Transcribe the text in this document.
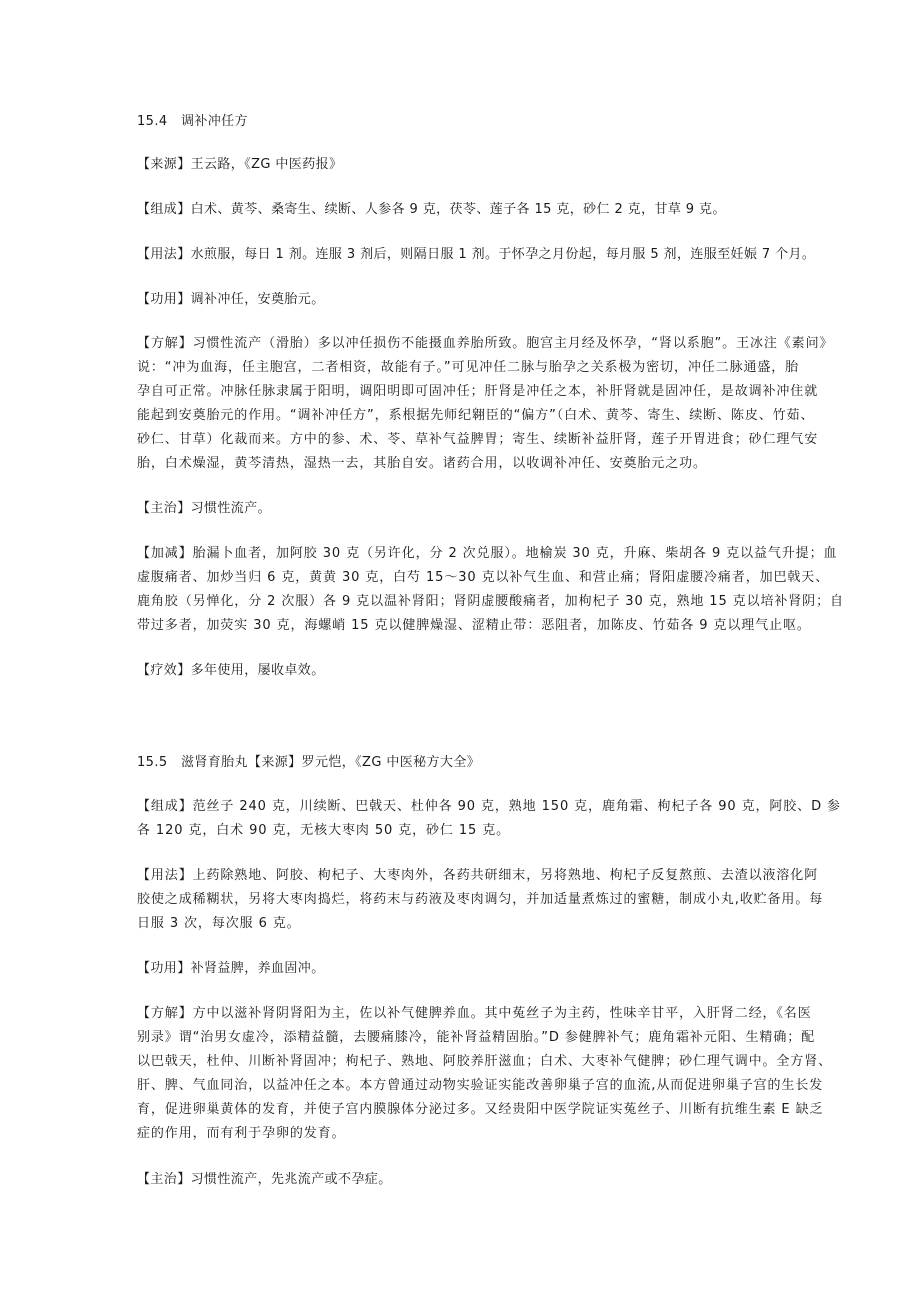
15.4　调补冲任方
【来源】王云路，《ZG 中医药报》
【组成】白术、黄芩、桑寄生、续断、人参各 9 克，茯苓、莲子各 15 克，砂仁 2 克，甘草 9 克。
【用法】水煎服，每日 1 剂。连服 3 剂后，则隔日服 1 剂。于怀孕之月份起，每月服 5 剂，连服至妊娠 7 个月。
【功用】调补冲任，安奠胎元。
【方解】习惯性流产（滑胎）多以冲任损伤不能摄血养胎所致。胞宫主月经及怀孕，“肾以系胞”。王冰注《素问》
说：“冲为血海，任主胞宫，二者相资，故能有子。”可见冲任二脉与胎孕之关系极为密切，冲任二脉通盛，胎
孕自可正常。冲脉任脉隶属于阳明，调阳明即可固冲任；肝肾是冲任之本，补肝肾就是固冲任，是故调补冲住就
能起到安奠胎元的作用。“调补冲任方”，系根据先师纪翱臣的“偏方”（白术、黄芩、寄生、续断、陈皮、竹茹、
砂仁、甘草）化裁而来。方中的参、术、苓、草补气益脾胃；寄生、续断补益肝肾，莲子开胃进食；砂仁理气安
胎，白术燥湿，黄芩清热，湿热一去，其胎自安。诸药合用，以收调补冲任、安奠胎元之功。
【主治】习惯性流产。
【加减】胎漏卜血者，加阿胶 30 克（另许化，分 2 次兑服）。地榆炭 30 克，升麻、柴胡各 9 克以益气升提；血
虚腹痛者、加炒当归 6 克，黄黄 30 克，白芍 15～30 克以补气生血、和营止痛；肾阳虚腰冷痛者，加巴戟天、
鹿角胶（另惮化，分 2 次服）各 9 克以温补肾阳；肾阴虚腰酸痛者，加枸杞子 30 克，熟地 15 克以培补肾阴；自
带过多者，加荧实 30 克，海螺峭 15 克以健脾燥湿、涩精止带：恶阻者，加陈皮、竹茹各 9 克以理气止呕。
【疗效】多年使用，屡收卓效。
15.5　滋肾育胎丸【来源】罗元恺，《ZG 中医秘方大全》
【组成】范丝子 240 克，川续断、巴戟天、杜仲各 90 克，熟地 150 克，鹿角霜、枸杞子各 90 克，阿胶、D 参
各 120 克，白术 90 克，无核大枣肉 50 克，砂仁 15 克。
【用法】上药除熟地、阿胶、枸杞子、大枣肉外，各药共研细末，另将熟地、枸杞子反复熬煎、去渣以液溶化阿
胶使之成稀糊状，另将大枣肉捣烂，将药末与药液及枣肉调匀，并加适量煮炼过的蜜糖，制成小丸,收贮备用。每
日服 3 次，每次服 6 克。
【功用】补肾益脾，养血固冲。
【方解】方中以滋补肾阴肾阳为主，佐以补气健脾养血。其中菟丝子为主药，性味辛甘平，入肝肾二经，《名医
别录》谓“治男女虚冷，添精益髓，去腰痛膝冷，能补肾益精固胎。”D 参健脾补气；鹿角霜补元阳、生精确；配
以巴戟天，杜仲、川断补肾固冲；枸杞子、熟地、阿胶养肝滋血；白术、大枣补气健脾；砂仁理气调中。全方肾、
肝、脾、气血同治，以益冲任之本。本方曾通过动物实验证实能改善卵巢子宫的血流,从而促进卵巢子宫的生长发
育，促进卵巢黄体的发育，并使子宫内膜腺体分泌过多。又经贵阳中医学院证实菟丝子、川断有抗维生素 E 缺乏
症的作用，而有利于孕卵的发育。
【主治】习惯性流产，先兆流产或不孕症。
